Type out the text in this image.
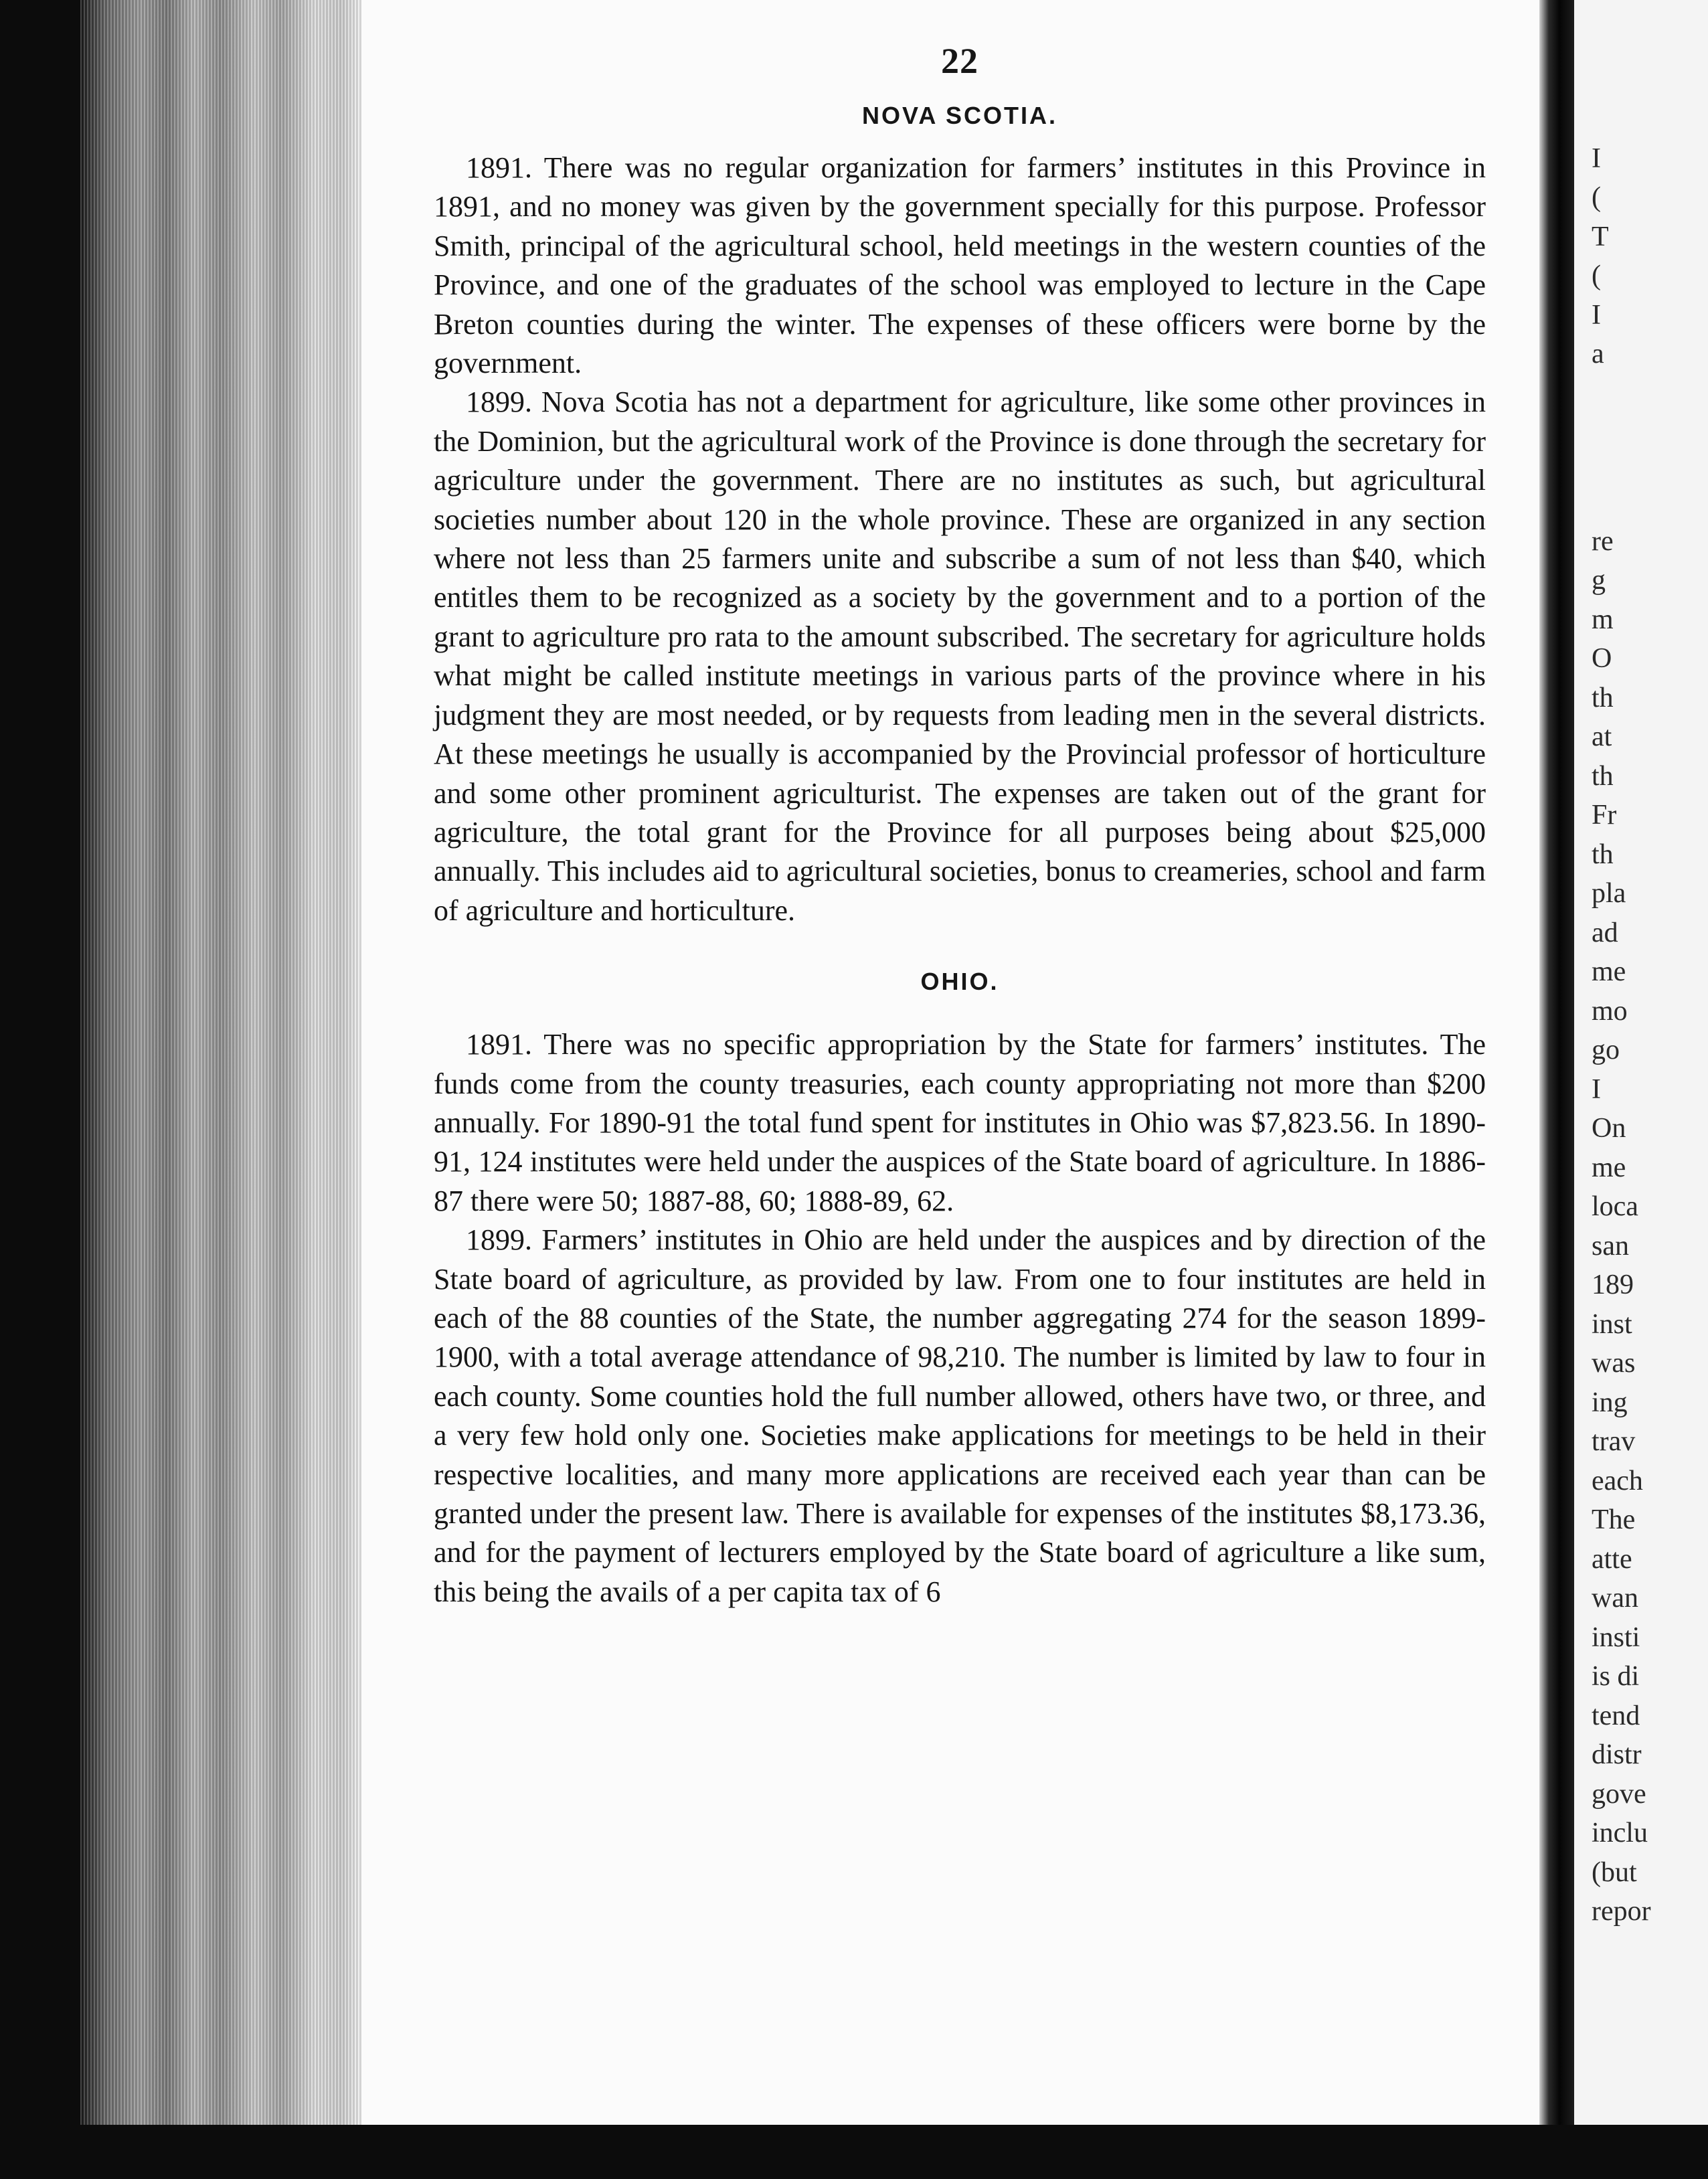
I
(
T
(
I
a
re
g
m
O
th
at
th
Fr
th
pla
ad
me
mo
go
I
On
me
loca
san
189
inst
was
ing
trav
each
The
atte
wan
insti
is di
tend
distr
gove
inclu
(but
repor
22
NOVA SCOTIA.

1891. There was no regular organization for farmers’ institutes in this Province in 1891, and no money was given by the government specially for this purpose. Professor Smith, principal of the agricultural school, held meetings in the western counties of the Province, and one of the graduates of the school was employed to lecture in the Cape Breton counties during the winter. The expenses of these officers were borne by the government.

1899. Nova Scotia has not a department for agriculture, like some other provinces in the Dominion, but the agricultural work of the Province is done through the secretary for agriculture under the government. There are no institutes as such, but agricultural societies number about 120 in the whole province. These are organized in any section where not less than 25 farmers unite and subscribe a sum of not less than $40, which entitles them to be recognized as a society by the government and to a portion of the grant to agriculture pro rata to the amount subscribed. The secretary for agriculture holds what might be called institute meetings in various parts of the province where in his judgment they are most needed, or by requests from leading men in the several districts. At these meetings he usually is accompanied by the Provincial professor of horticulture and some other prominent agriculturist. The expenses are taken out of the grant for agriculture, the total grant for the Province for all purposes being about $25,000 annually. This includes aid to agricultural societies, bonus to creameries, school and farm of agriculture and horticulture.

OHIO.

1891. There was no specific appropriation by the State for farmers’ institutes. The funds come from the county treasuries, each county appropriating not more than $200 annually. For 1890-91 the total fund spent for institutes in Ohio was $7,823.56. In 1890-91, 124 institutes were held under the auspices of the State board of agriculture. In 1886-87 there were 50; 1887-88, 60; 1888-89, 62.

1899. Farmers’ institutes in Ohio are held under the auspices and by direction of the State board of agriculture, as provided by law. From one to four institutes are held in each of the 88 counties of the State, the number aggregating 274 for the season 1899-1900, with a total average attendance of 98,210. The number is limited by law to four in each county. Some counties hold the full number allowed, others have two, or three, and a very few hold only one. Societies make applications for meetings to be held in their respective localities, and many more applications are received each year than can be granted under the present law. There is available for expenses of the institutes $8,173.36, and for the payment of lecturers employed by the State board of agriculture a like sum, this being the avails of a per capita tax of 6
